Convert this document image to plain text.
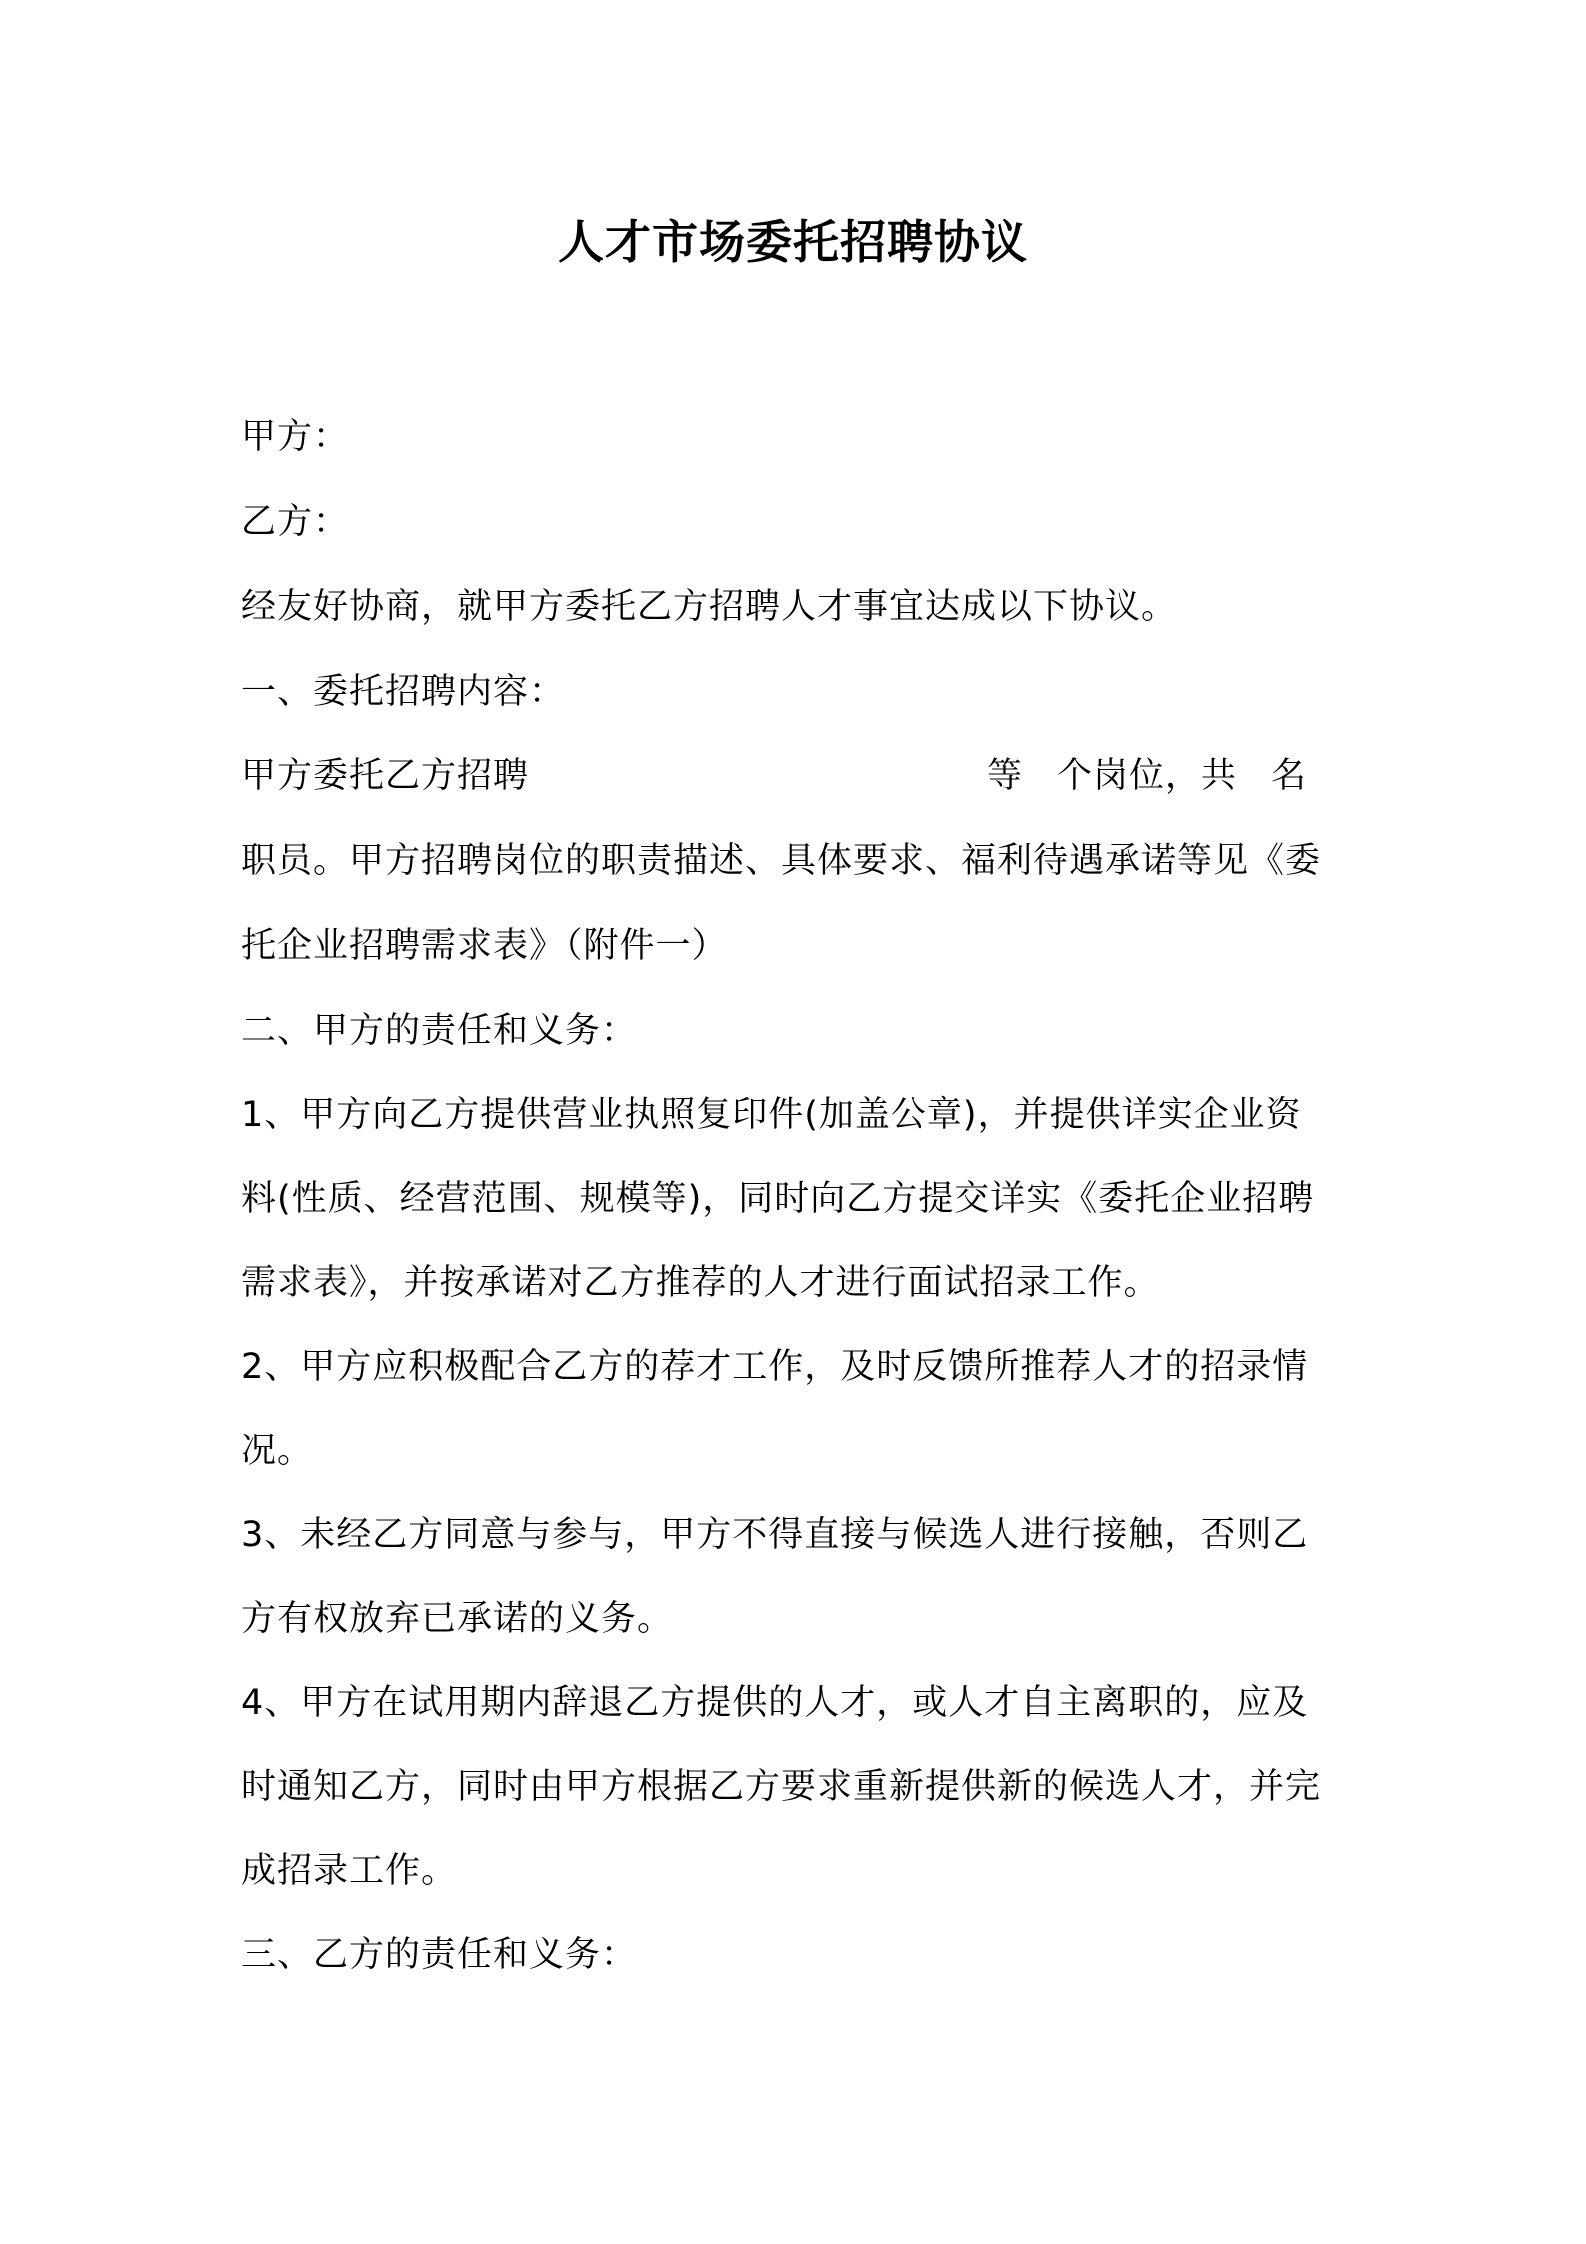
人才市场委托招聘协议
甲方：
乙方：
经友好协商，就甲方委托乙方招聘人才事宜达成以下协议。
一、委托招聘内容：
甲方委托乙方招聘	等 个岗位，共 名
职员。甲方招聘岗位的职责描述、具体要求、福利待遇承诺等见《委
托企业招聘需求表》（附件一）
二、甲方的责任和义务：
1、甲方向乙方提供营业执照复印件(加盖公章)，并提供详实企业资
料(性质、经营范围、规模等)，同时向乙方提交详实《委托企业招聘
需求表》，并按承诺对乙方推荐的人才进行面试招录工作。
2、甲方应积极配合乙方的荐才工作，及时反馈所推荐人才的招录情
况。
3、未经乙方同意与参与，甲方不得直接与候选人进行接触，否则乙
方有权放弃已承诺的义务。
4、甲方在试用期内辞退乙方提供的人才，或人才自主离职的，应及
时通知乙方，同时由甲方根据乙方要求重新提供新的候选人才，并完
成招录工作。
三、乙方的责任和义务：
